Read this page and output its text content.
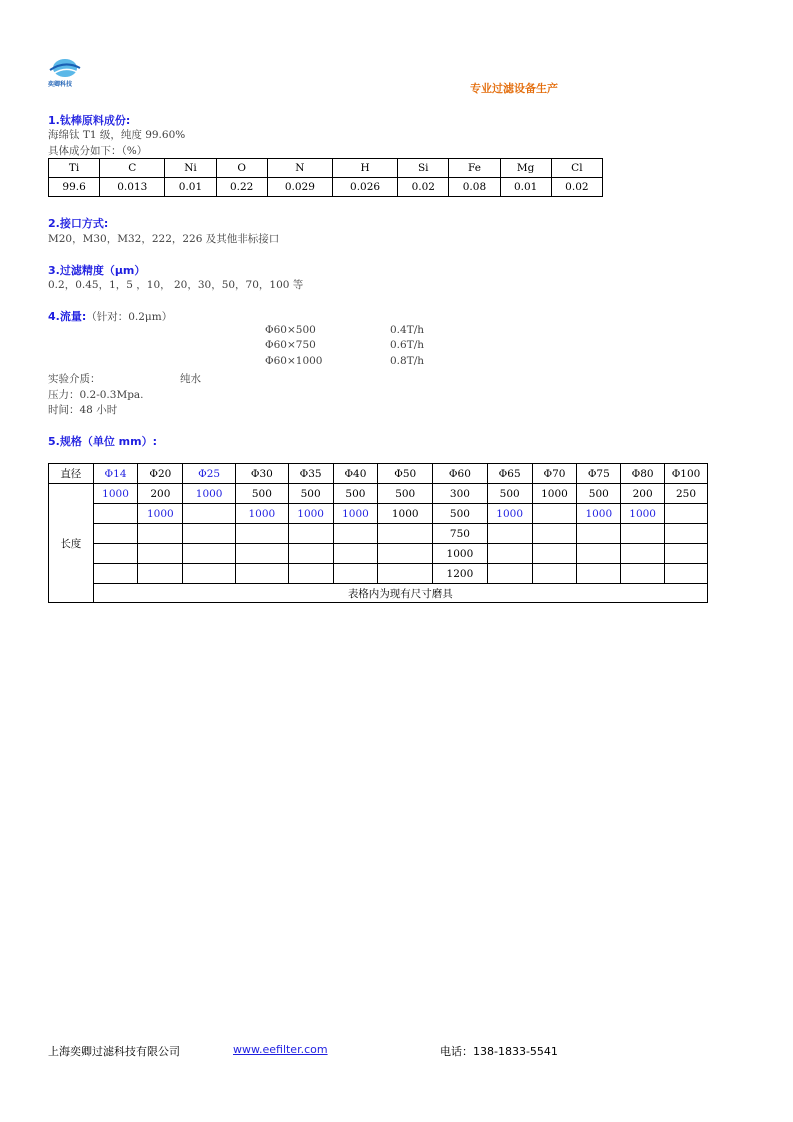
奕卿科技	专业过滤设备生产
1.钛棒原料成份:
海绵钛 T1 级，纯度 99.60%
具体成分如下：（%）
Ti	C	Ni	O	N	H	Si	Fe	Mg	Cl
99.6	0.013	0.01	0.22	0.029	0.026	0.02	0.08	0.01	0.02
2.接口方式:
M20，M30，M32，222，226 及其他非标接口
3.过滤精度（μm）
0.2，0.45，1，5 ，10， 20，30，50，70，100 等
4.流量:（针对：0.2μm）
Φ60×500	0.4T/h
Φ60×750	0.6T/h
Φ60×1000	0.8T/h
实验介质：	纯水
压力：0.2-0.3Mpa.
时间：48 小时
5.规格（单位 mm）:
直径	Φ14	Φ20	Φ25	Φ30	Φ35	Φ40	Φ50	Φ60	Φ65	Φ70	Φ75	Φ80	Φ100
长度	1000	200	1000	500	500	500	500	300	500	1000	500	200	250
		1000		1000	1000	1000	1000	500	1000		1000	1000	
								750					
								1000					
								1200					
	表格内为现有尺寸磨具												
上海奕卿过滤科技有限公司	www.eefilter.com	电话：138-1833-5541
